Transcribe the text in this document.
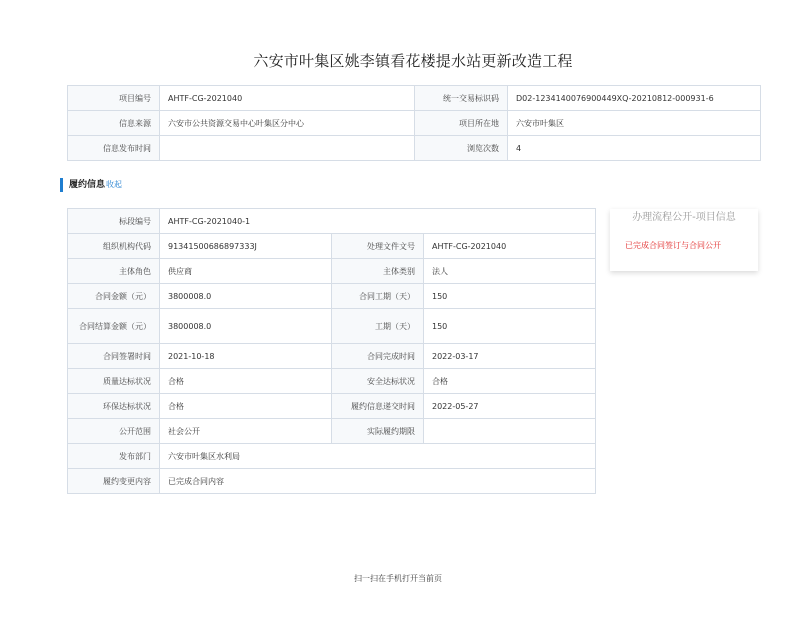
六安市叶集区姚李镇看花楼提水站更新改造工程
项目编号	AHTF-CG-2021040	统一交易标识码	D02-1234140076900449XQ-20210812-000931-6
信息来源	六安市公共资源交易中心叶集区分中心	项目所在地	六安市叶集区
信息发布时间		浏览次数	4
履约信息收起
标段编号	AHTF-CG-2021040-1		
组织机构代码	913415006868973​33J	处理文件文号	AHTF-CG-2021040
主体角色	供应商	主体类别	法人
合同金额（元）	3800008.0	合同工期（天）	150
合同结算金额（元）	3800008.0	工期（天）	150
合同签署时间	2021-10-18	合同完成时间	2022-03-17
质量达标状况	合格	安全达标状况	合格
环保达标状况	合格	履约信息递交时间	2022-05-27
公开范围	社会公开	实际履约期限	
发布部门	六安市叶集区水利局		
履约变更内容	已完成合同内容		
办理流程公开-项目信息
已完成合同签订与合同公开
扫一扫在手机打开当前页
